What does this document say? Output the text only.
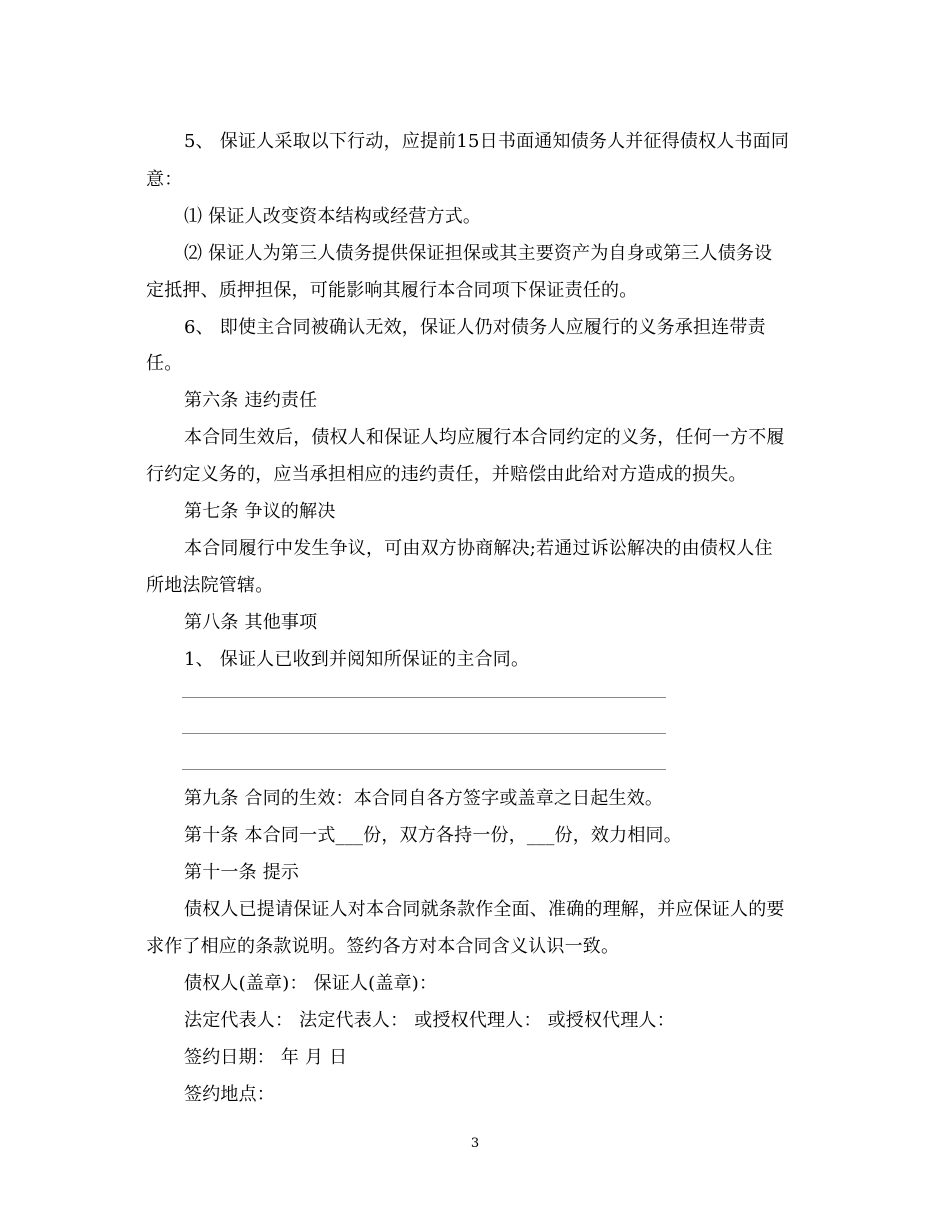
5、 保证人采取以下行动，应提前15日书面通知债务人并征得债权人书面同
意：
⑴ 保证人改变资本结构或经营方式。
⑵ 保证人为第三人债务提供保证担保或其主要资产为自身或第三人债务设
定抵押、质押担保，可能影响其履行本合同项下保证责任的。
6、 即使主合同被确认无效，保证人仍对债务人应履行的义务承担连带责
任。
第六条 违约责任
本合同生效后，债权人和保证人均应履行本合同约定的义务，任何一方不履
行约定义务的，应当承担相应的违约责任，并赔偿由此给对方造成的损失。
第七条 争议的解决
本合同履行中发生争议，可由双方协商解决;若通过诉讼解决的由债权人住
所地法院管辖。
第八条 其他事项
1、 保证人已收到并阅知所保证的主合同。
第九条 合同的生效：本合同自各方签字或盖章之日起生效。
第十条 本合同一式___份，双方各持一份，___份，效力相同。
第十一条 提示
债权人已提请保证人对本合同就条款作全面、准确的理解，并应保证人的要
求作了相应的条款说明。签约各方对本合同含义认识一致。
债权人(盖章)： 保证人(盖章)：
法定代表人： 法定代表人： 或授权代理人： 或授权代理人：
签约日期： 年 月 日
签约地点：
3
